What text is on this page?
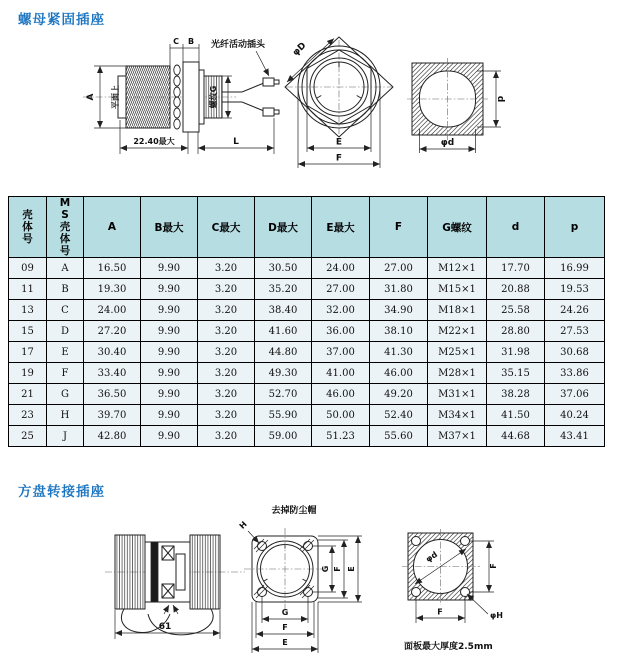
螺母紧固插座
A 平面上
C B 光纤活动插头
螺纹G
22.40最大	L
φD
E
F
p
φd
壳体号	MS壳体号	A	B最大	C最大	D最大	E最大	F	G螺纹	d	p
09	A	16.50	9.90	3.20	30.50	24.00	27.00	M12×1	17.70	16.99
11	B	19.30	9.90	3.20	35.20	27.00	31.80	M15×1	20.88	19.53
13	C	24.00	9.90	3.20	38.40	32.00	34.90	M18×1	25.58	24.26
15	D	27.20	9.90	3.20	41.60	36.00	38.10	M22×1	28.80	27.53
17	E	30.40	9.90	3.20	44.80	37.00	41.30	M25×1	31.98	30.68
19	F	33.40	9.90	3.20	49.30	41.00	46.00	M28×1	35.15	33.86
21	G	36.50	9.90	3.20	52.70	46.00	49.20	M31×1	38.28	37.06
23	H	39.70	9.90	3.20	55.90	50.00	52.40	M34×1	41.50	40.24
25	J	42.80	9.90	3.20	59.00	51.23	55.60	M37×1	44.68	43.41
方盘转接插座
61
去掉防尘帽
H
G F E
G
F
E
φd
F
F	φH
面板最大厚度2.5mm
